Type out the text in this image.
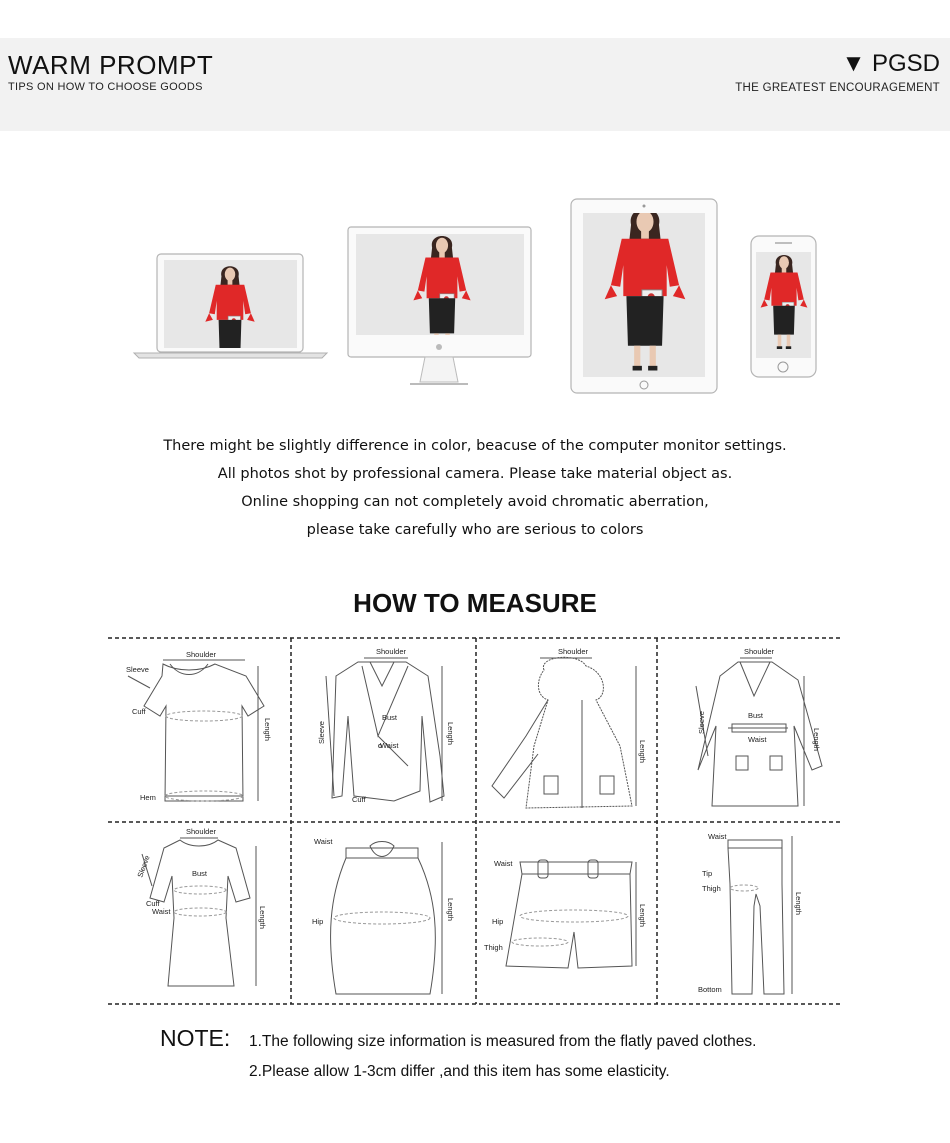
WARM PROMPT
TIPS ON HOW TO CHOOSE GOODS
▼ PGSD
THE GREATEST ENCOURAGEMENT
There might be slightly difference in color, beacuse of the computer monitor settings.
All photos shot by professional camera. Please take material object as.
Online shopping can not completely avoid chromatic aberration,
please take carefully who are serious to colors
HOW TO MEASURE
Shoulder
Sleeve
Cuff
Hem
Length
Shoulder
Bust
Waist
Cuff
Sleeve	Length
Shoulder
Length
Shoulder
Bust
Waist
Sleeve
Length
Shoulder
Bust
Cuff
Waist
Sleeve
Length
Waist
Hip
Length
Waist
Hip
Thigh
Length
Waist
Tip
Thigh
Bottom
Length
NOTE: 1.The following size information is measured from the flatly paved clothes.
2.Please allow 1-3cm differ ,and this item has some elasticity.
